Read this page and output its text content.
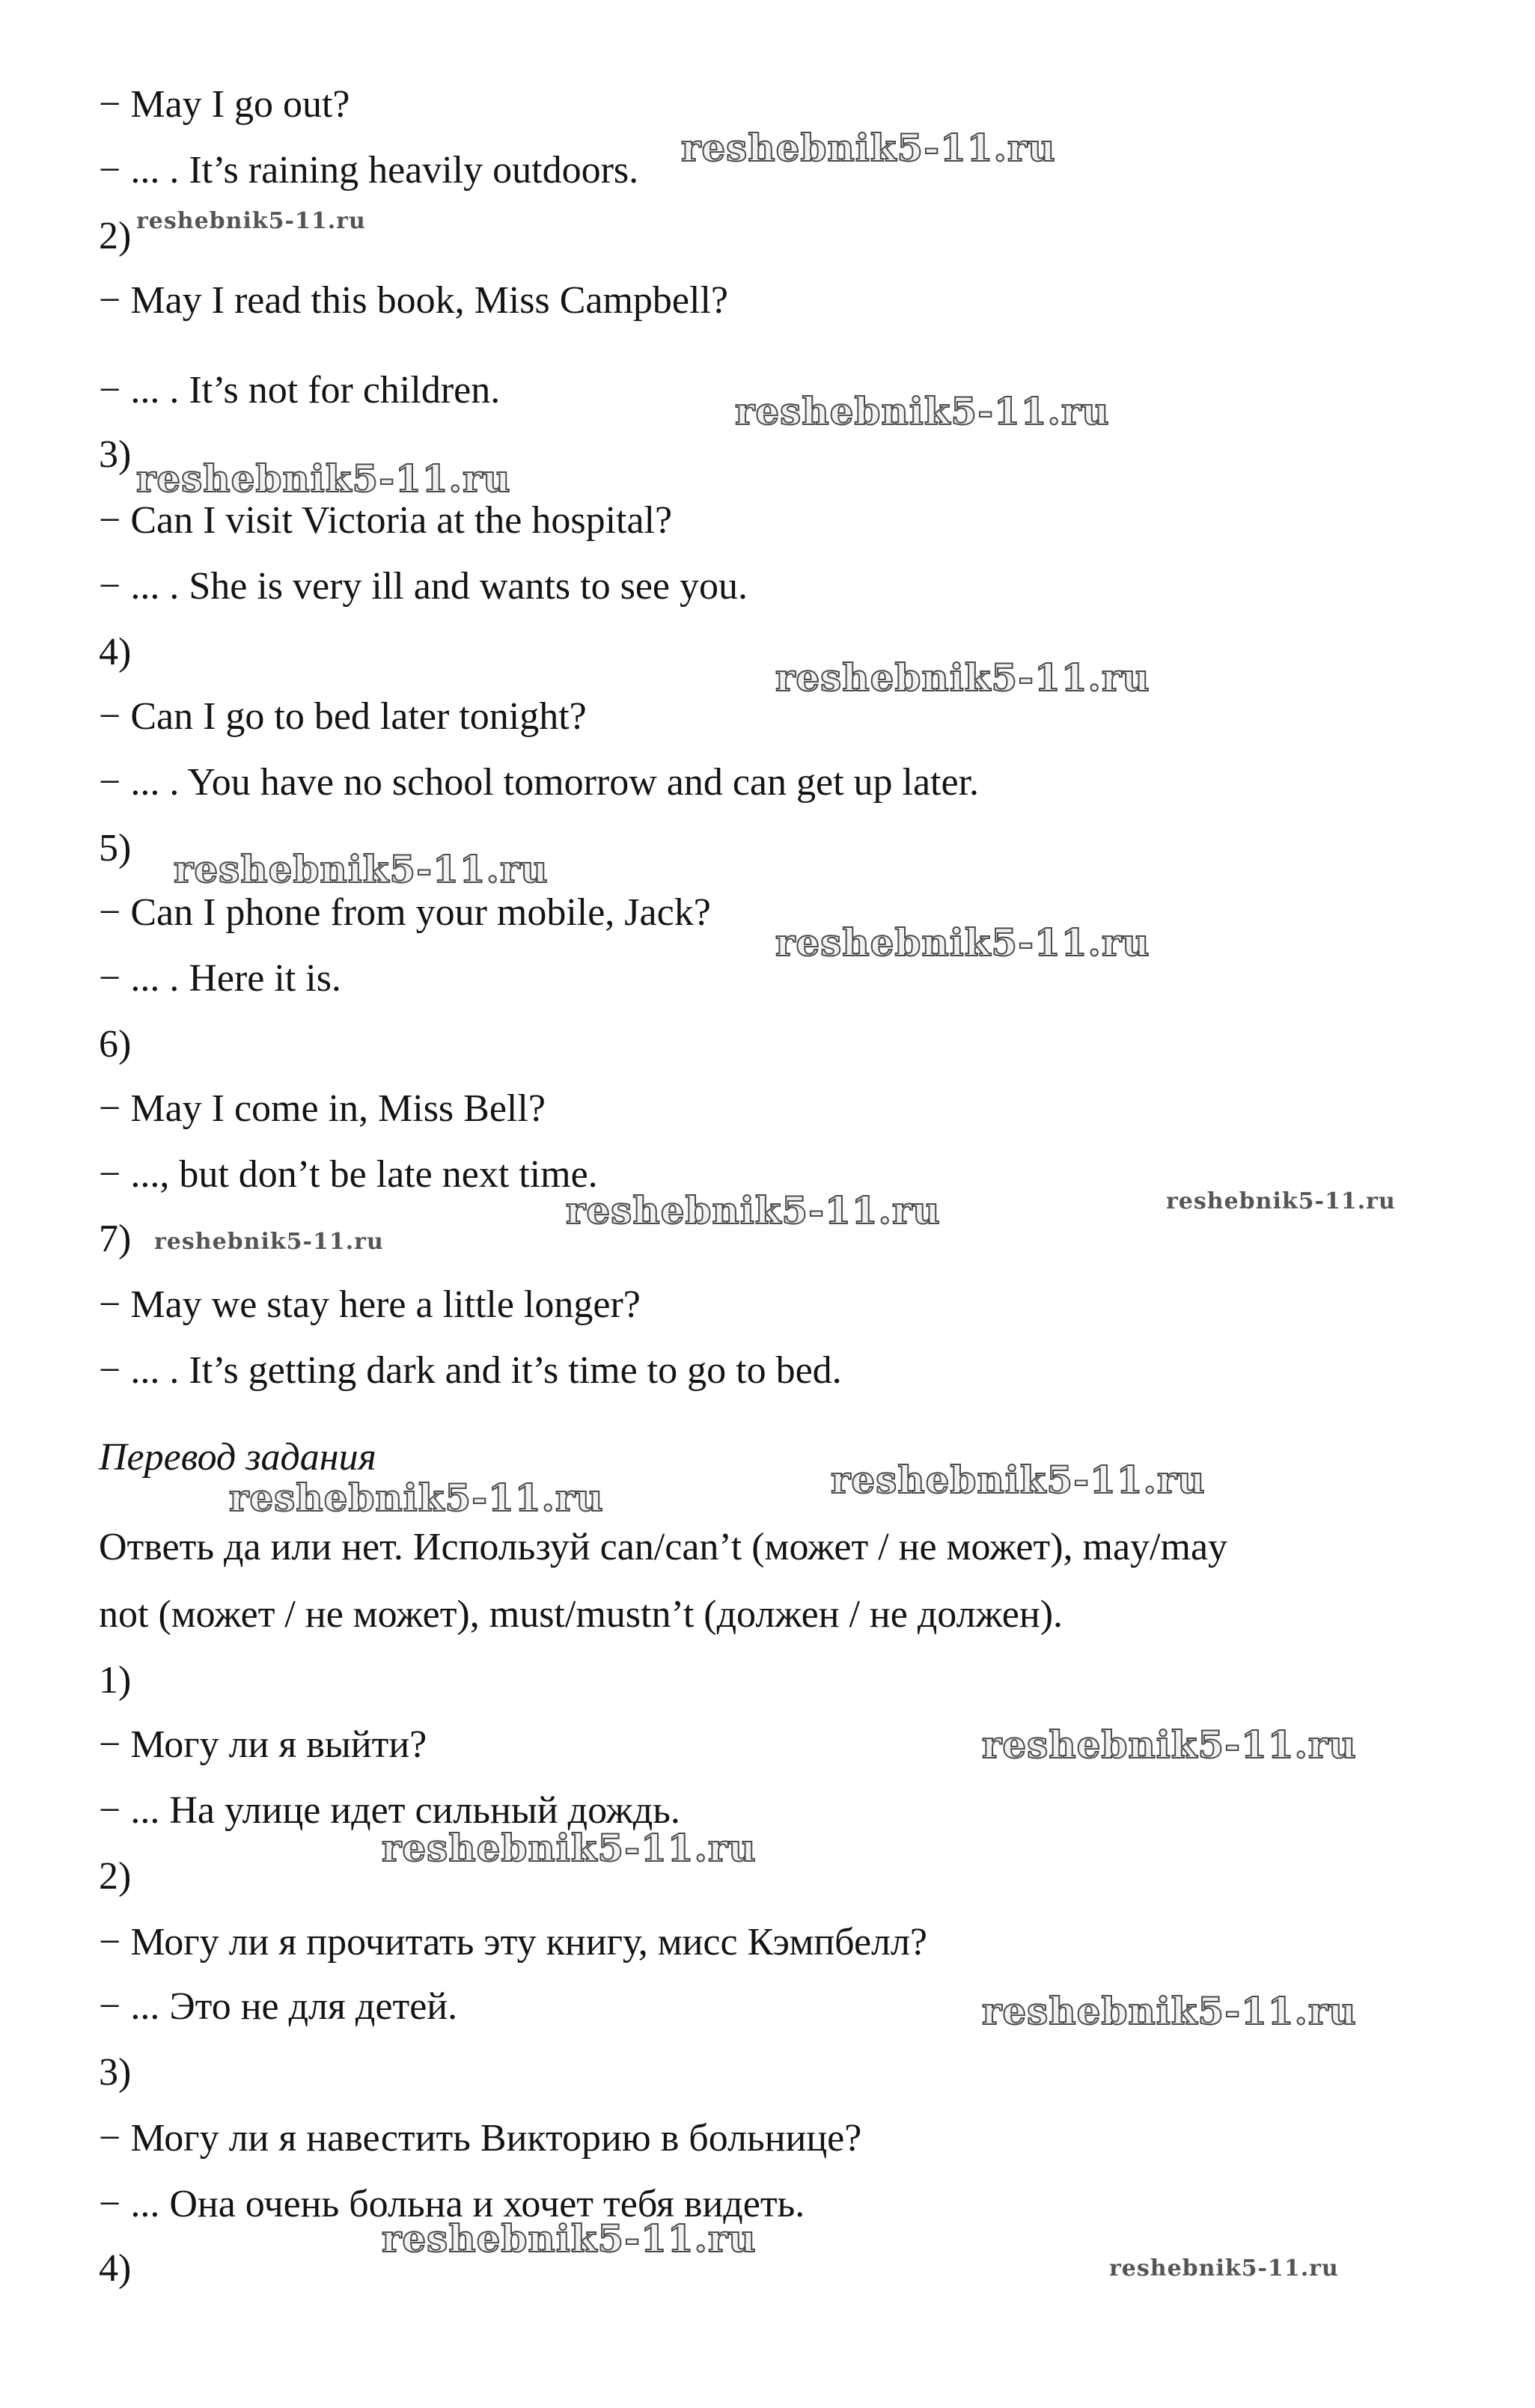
− May I go out?
− ... . It’s raining heavily outdoors.
2)
− May I read this book, Miss Campbell?
− ... . It’s not for children.
3)
− Can I visit Victoria at the hospital?
− ... . She is very ill and wants to see you.
4)
− Can I go to bed later tonight?
− ... . You have no school tomorrow and can get up later.
5)
− Can I phone from your mobile, Jack?
− ... . Here it is.
6)
− May I come in, Miss Bell?
− ..., but don’t be late next time.
7)
− May we stay here a little longer?
− ... . It’s getting dark and it’s time to go to bed.
Перевод задания
Ответь да или нет. Используй can/can’t (может / не может), may/may
not (может / не может), must/mustn’t (должен / не должен).
1)
− Могу ли я выйти?
− ... На улице идет сильный дождь.
2)
− Могу ли я прочитать эту книгу, мисс Кэмпбелл?
− ... Это не для детей.
3)
− Могу ли я навестить Викторию в больнице?
− ... Она очень больна и хочет тебя видеть.
4)
reshebnik5-11.ru
reshebnik5-11.ru
reshebnik5-11.ru
reshebnik5-11.ru
reshebnik5-11.ru
reshebnik5-11.ru
reshebnik5-11.ru
reshebnik5-11.ru	reshebnik5-11.ru
reshebnik5-11.ru
reshebnik5-11.ru	reshebnik5-11.ru
reshebnik5-11.ru
reshebnik5-11.ru
reshebnik5-11.ru
reshebnik5-11.ru
reshebnik5-11.ru
